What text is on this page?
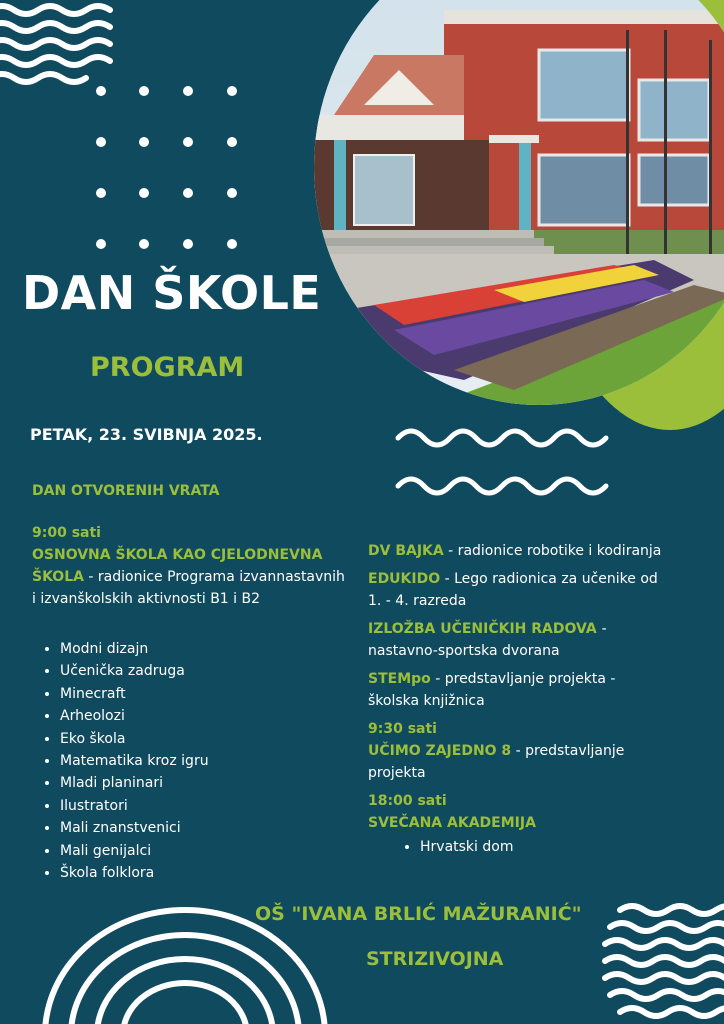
DAN ŠKOLE
PROGRAM
PETAK, 23. SVIBNJA 2025.
DAN OTVORENIH VRATA
9:00 sati
OSNOVNA ŠKOLA KAO CJELODNEVNA ŠKOLA - radionice Programa izvannastavnih i izvanškolskih aktivnosti B1 i B2
• Modni dizajn
• Učenička zadruga
• Minecraft
• Arheolozi
• Eko škola
• Matematika kroz igru
• Mladi planinari
• Ilustratori
• Mali znanstvenici
• Mali genijalci
• Škola folklora

DV BAJKA - radionice robotike i kodiranja

EDUKIDO - Lego radionica za učenike od 1. - 4. razreda

IZLOŽBA UČENIČKIH RADOVA - nastavno-sportska dvorana

STEMpo - predstavljanje projekta - školska knjižnica

9:30 sati

UČIMO ZAJEDNO 8 - predstavljanje projekta

18:00 sati
SVEČANA AKADEMIJA
• Hrvatski dom
OŠ "IVANA BRLIĆ MAŽURANIĆ"
STRIZIVOJNA
